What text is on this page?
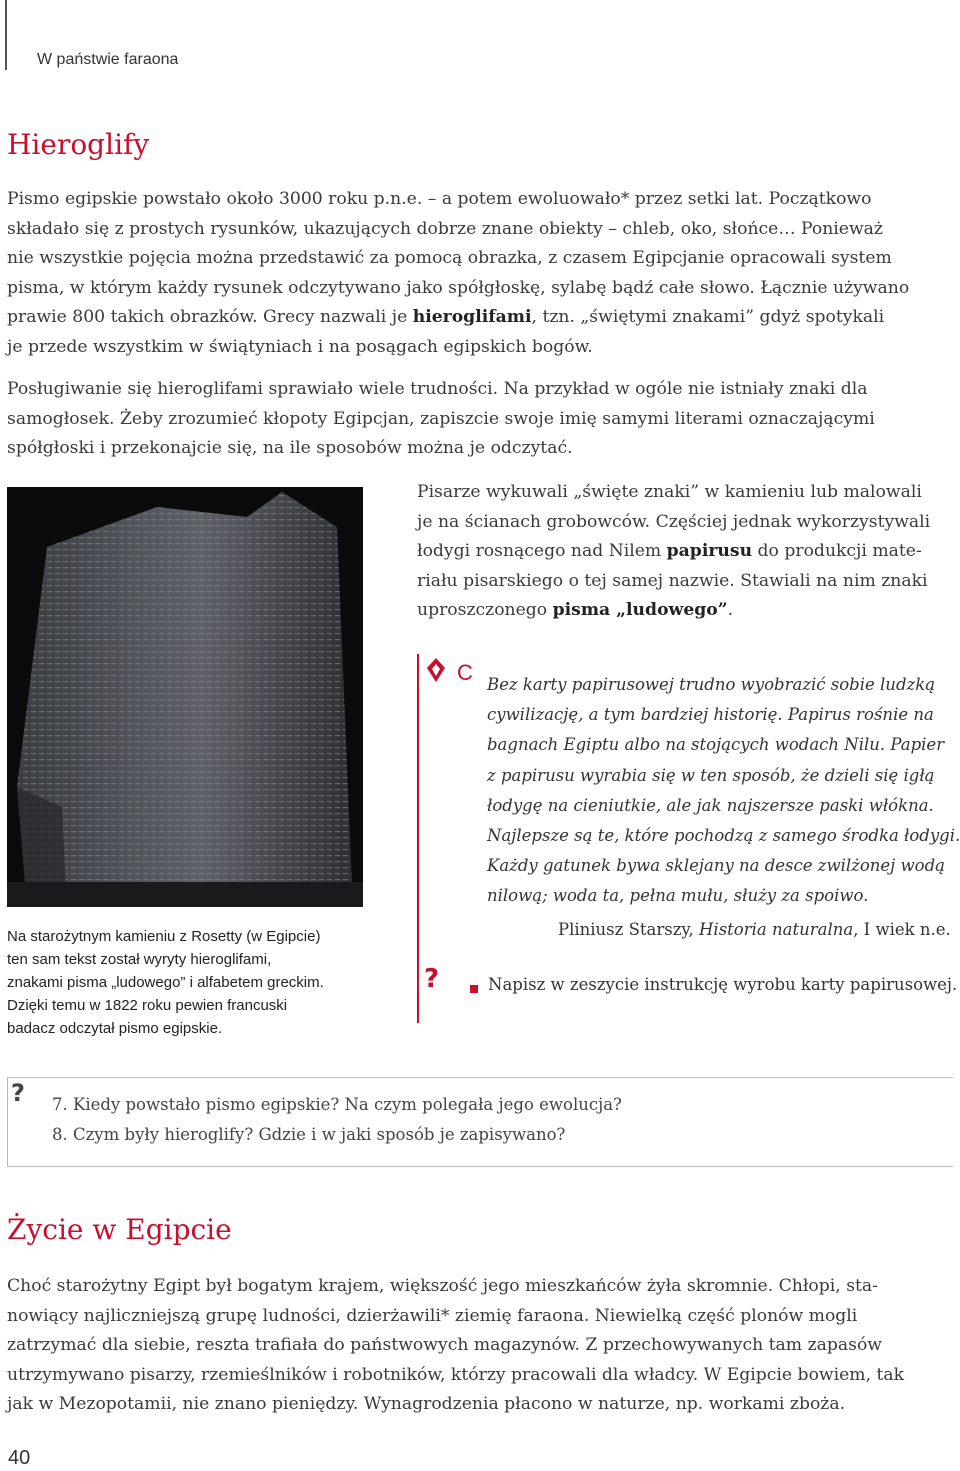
W państwie faraona
Hieroglify
Pismo egipskie powstało około 3000 roku p.n.e. – a potem ewoluowało* przez setki lat. Początkowo
składało się z prostych rysunków, ukazujących dobrze znane obiekty – chleb, oko, słońce… Ponieważ
nie wszystkie pojęcia można przedstawić za pomocą obrazka, z czasem Egipcjanie opracowali system
pisma, w którym każdy rysunek odczytywano jako spółgłoskę, sylabę bądź całe słowo. Łącznie używano
prawie 800 takich obrazków. Grecy nazwali je hieroglifami, tzn. „świętymi znakami” gdyż spotykali
je przede wszystkim w świątyniach i na posągach egipskich bogów.
Posługiwanie się hieroglifami sprawiało wiele trudności. Na przykład w ogóle nie istniały znaki dla
samogłosek. Żeby zrozumieć kłopoty Egipcjan, zapiszcie swoje imię samymi literami oznaczającymi
spółgłoski i przekonajcie się, na ile sposobów można je odczytać.
Na starożytnym kamieniu z Rosetty (w Egipcie)
ten sam tekst został wyryty hieroglifami,
znakami pisma „ludowego” i alfabetem greckim.
Dzięki temu w 1822 roku pewien francuski
badacz odczytał pismo egipskie.
Pisarze wykuwali „święte znaki” w kamieniu lub malowali
je na ścianach grobowców. Częściej jednak wykorzystywali
łodygi rosnącego nad Nilem papirusu do produkcji mate-
riału pisarskiego o tej samej nazwie. Stawiali na nim znaki
uproszczonego pisma „ludowego”.
C Bez karty papirusowej trudno wyobrazić sobie ludzką
cywilizację, a tym bardziej historię. Papirus rośnie na
bagnach Egiptu albo na stojących wodach Nilu. Papier
z papirusu wyrabia się w ten sposób, że dzieli się igłą
łodygę na cieniutkie, ale jak najszersze paski włókna.
Najlepsze są te, które pochodzą z samego środka łodygi.
Każdy gatunek bywa sklejany na desce zwilżonej wodą
nilową; woda ta, pełna mułu, służy za spoiwo.
Pliniusz Starszy, Historia naturalna, I wiek n.e.
?	Napisz w zeszycie instrukcję wyrobu karty papirusowej.
? 7. Kiedy powstało pismo egipskie? Na czym polegała jego ewolucja?
8. Czym były hieroglify? Gdzie i w jaki sposób je zapisywano?
Życie w Egipcie
Choć starożytny Egipt był bogatym krajem, większość jego mieszkańców żyła skromnie. Chłopi, sta-
nowiący najliczniejszą grupę ludności, dzierżawili* ziemię faraona. Niewielką część plonów mogli
zatrzymać dla siebie, reszta trafiała do państwowych magazynów. Z przechowywanych tam zapasów
utrzymywano pisarzy, rzemieślników i robotników, którzy pracowali dla władcy. W Egipcie bowiem, tak
jak w Mezopotamii, nie znano pieniędzy. Wynagrodzenia płacono w naturze, np. workami zboża.
40
